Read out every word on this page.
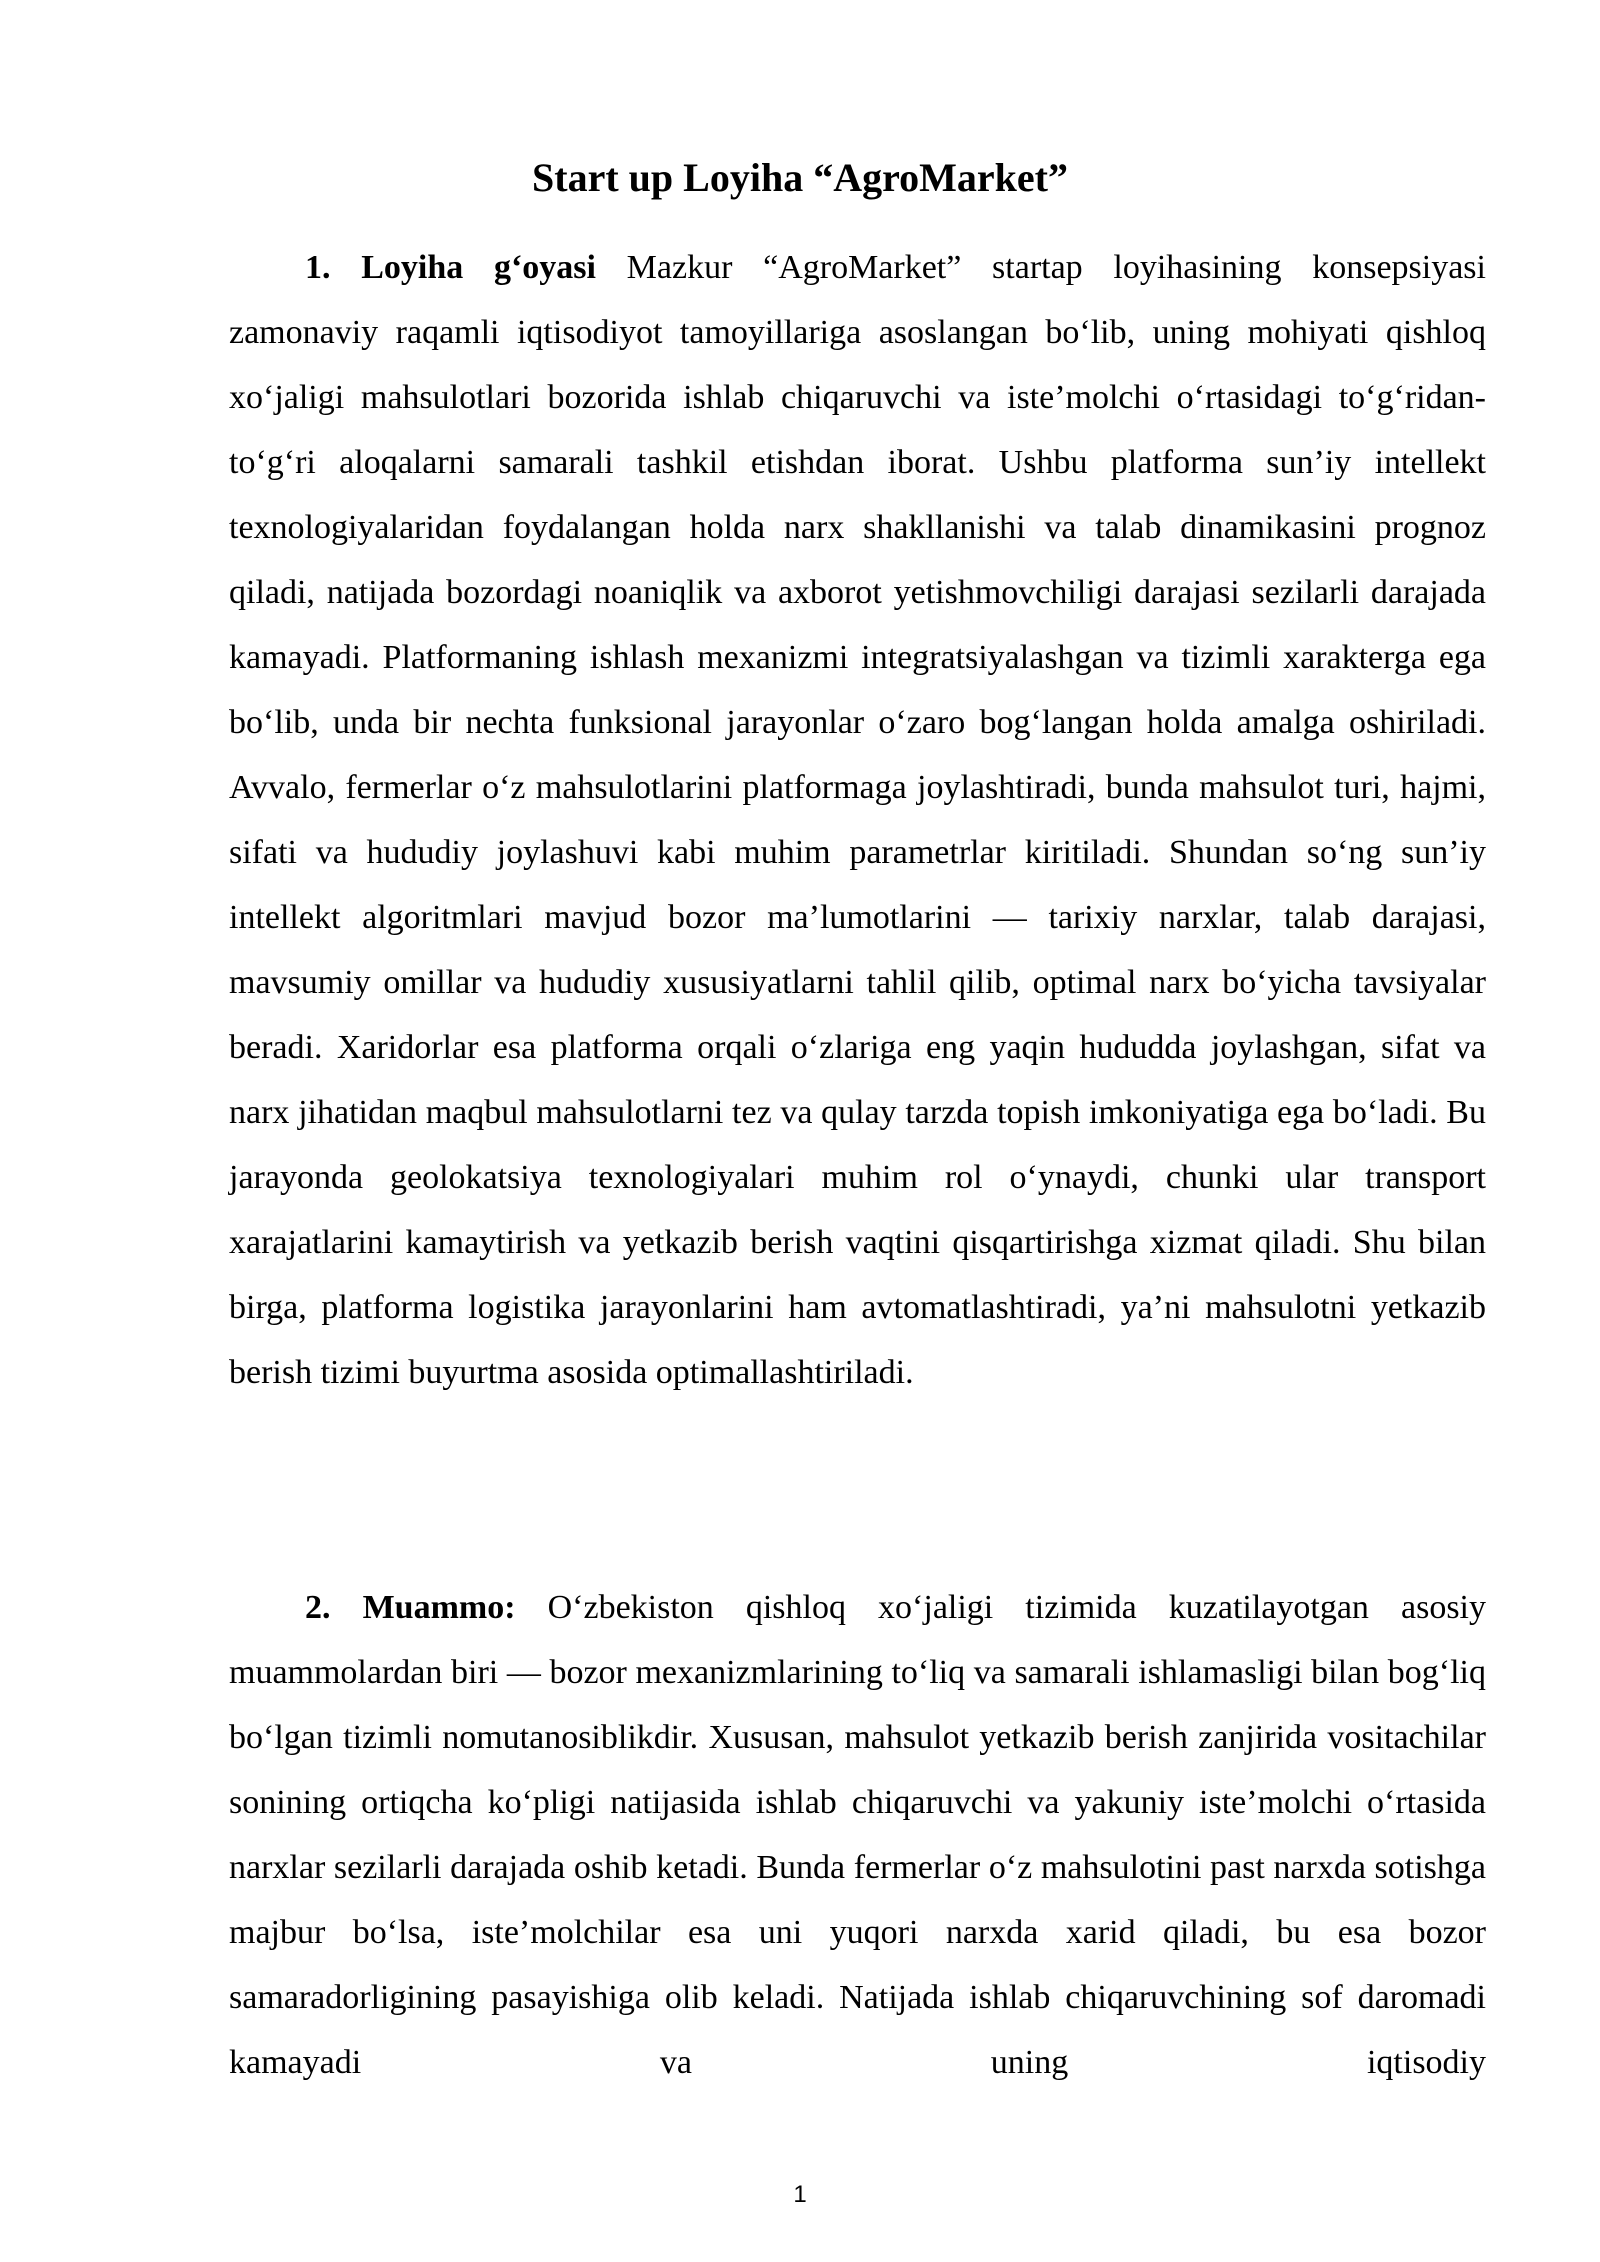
Start up Loyiha “AgroMarket”

1. Loyiha g‘oyasi Mazkur “AgroMarket” startap loyihasining konsepsiyasi zamonaviy raqamli iqtisodiyot tamoyillariga asoslangan bo‘lib, uning mohiyati qishloq xo‘jaligi mahsulotlari bozorida ishlab chiqaruvchi va iste’molchi o‘rtasidagi to‘g‘ridan-to‘g‘ri aloqalarni samarali tashkil etishdan iborat. Ushbu platforma sun’iy intellekt texnologiyalaridan foydalangan holda narx shakllanishi va talab dinamikasini prognoz qiladi, natijada bozordagi noaniqlik va axborot yetishmovchiligi darajasi sezilarli darajada kamayadi. Platformaning ishlash mexanizmi integratsiyalashgan va tizimli xarakterga ega bo‘lib, unda bir nechta funksional jarayonlar o‘zaro bog‘langan holda amalga oshiriladi. Avvalo, fermerlar o‘z mahsulotlarini platformaga joylashtiradi, bunda mahsulot turi, hajmi, sifati va hududiy joylashuvi kabi muhim parametrlar kiritiladi. Shundan so‘ng sun’iy intellekt algoritmlari mavjud bozor ma’lumotlarini — tarixiy narxlar, talab darajasi, mavsumiy omillar va hududiy xususiyatlarni tahlil qilib, optimal narx bo‘yicha tavsiyalar beradi. Xaridorlar esa platforma orqali o‘zlariga eng yaqin hududda joylashgan, sifat va narx jihatidan maqbul mahsulotlarni tez va qulay tarzda topish imkoniyatiga ega bo‘ladi. Bu jarayonda geolokatsiya texnologiyalari muhim rol o‘ynaydi, chunki ular transport xarajatlarini kamaytirish va yetkazib berish vaqtini qisqartirishga xizmat qiladi. Shu bilan birga, platforma logistika jarayonlarini ham avtomatlashtiradi, ya’ni mahsulotni yetkazib berish tizimi buyurtma asosida optimallashtiriladi.

2. Muammo: O‘zbekiston qishloq xo‘jaligi tizimida kuzatilayotgan asosiy muammolardan biri — bozor mexanizmlarining to‘liq va samarali ishlamasligi bilan bog‘liq bo‘lgan tizimli nomutanosiblikdir. Xususan, mahsulot yetkazib berish zanjirida vositachilar sonining ortiqcha ko‘pligi natijasida ishlab chiqaruvchi va yakuniy iste’molchi o‘rtasida narxlar sezilarli darajada oshib ketadi. Bunda fermerlar o‘z mahsulotini past narxda sotishga majbur bo‘lsa, iste’molchilar esa uni yuqori narxda xarid qiladi, bu esa bozor samaradorligining pasayishiga olib keladi. Natijada ishlab chiqaruvchining sof daromadi kamayadi va uning iqtisodiy

1
